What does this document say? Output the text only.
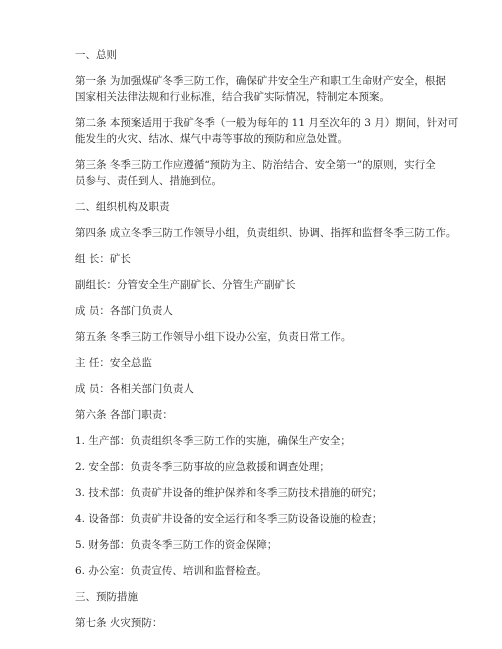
一、总则

第一条 为加强煤矿冬季三防工作，确保矿井安全生产和职工生命财产安全，根据
国家相关法律法规和行业标准，结合我矿实际情况，特制定本预案。

第二条 本预案适用于我矿冬季（一般为每年的 11 月至次年的 3 月）期间，针对可
能发生的火灾、结冰、煤气中毒等事故的预防和应急处置。

第三条 冬季三防工作应遵循“预防为主、防治结合、安全第一”的原则，实行全
员参与、责任到人、措施到位。

二、组织机构及职责

第四条 成立冬季三防工作领导小组，负责组织、协调、指挥和监督冬季三防工作。

组 长：矿长

副组长：分管安全生产副矿长、分管生产副矿长

成 员：各部门负责人

第五条 冬季三防工作领导小组下设办公室，负责日常工作。

主 任：安全总监

成 员：各相关部门负责人

第六条 各部门职责：

1. 生产部：负责组织冬季三防工作的实施，确保生产安全；

2. 安全部：负责冬季三防事故的应急救援和调查处理；

3. 技术部：负责矿井设备的维护保养和冬季三防技术措施的研究；

4. 设备部：负责矿井设备的安全运行和冬季三防设备设施的检查；

5. 财务部：负责冬季三防工作的资金保障；

6. 办公室：负责宣传、培训和监督检查。

三、预防措施

第七条 火灾预防：
